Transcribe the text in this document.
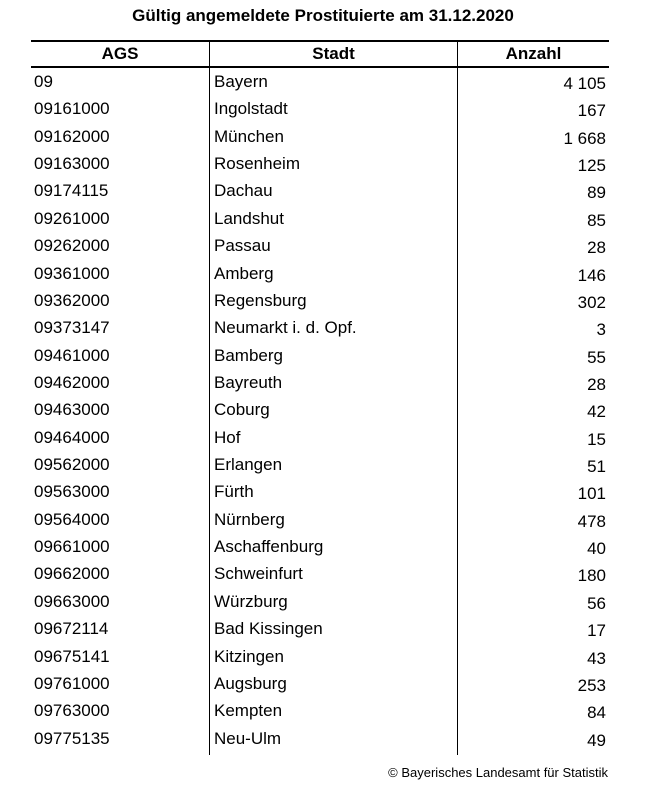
Gültig angemeldete Prostituierte am 31.12.2020
AGS	Stadt	Anzahl
09	Bayern	4 105
09161000	Ingolstadt	167
09162000	München	1 668
09163000	Rosenheim	125
09174115	Dachau	89
09261000	Landshut	85
09262000	Passau	28
09361000	Amberg	146
09362000	Regensburg	302
09373147	Neumarkt i. d. Opf.	3
09461000	Bamberg	55
09462000	Bayreuth	28
09463000	Coburg	42
09464000	Hof	15
09562000	Erlangen	51
09563000	Fürth	101
09564000	Nürnberg	478
09661000	Aschaffenburg	40
09662000	Schweinfurt	180
09663000	Würzburg	56
09672114	Bad Kissingen	17
09675141	Kitzingen	43
09761000	Augsburg	253
09763000	Kempten	84
09775135	Neu-Ulm	49
© Bayerisches Landesamt für Statistik
